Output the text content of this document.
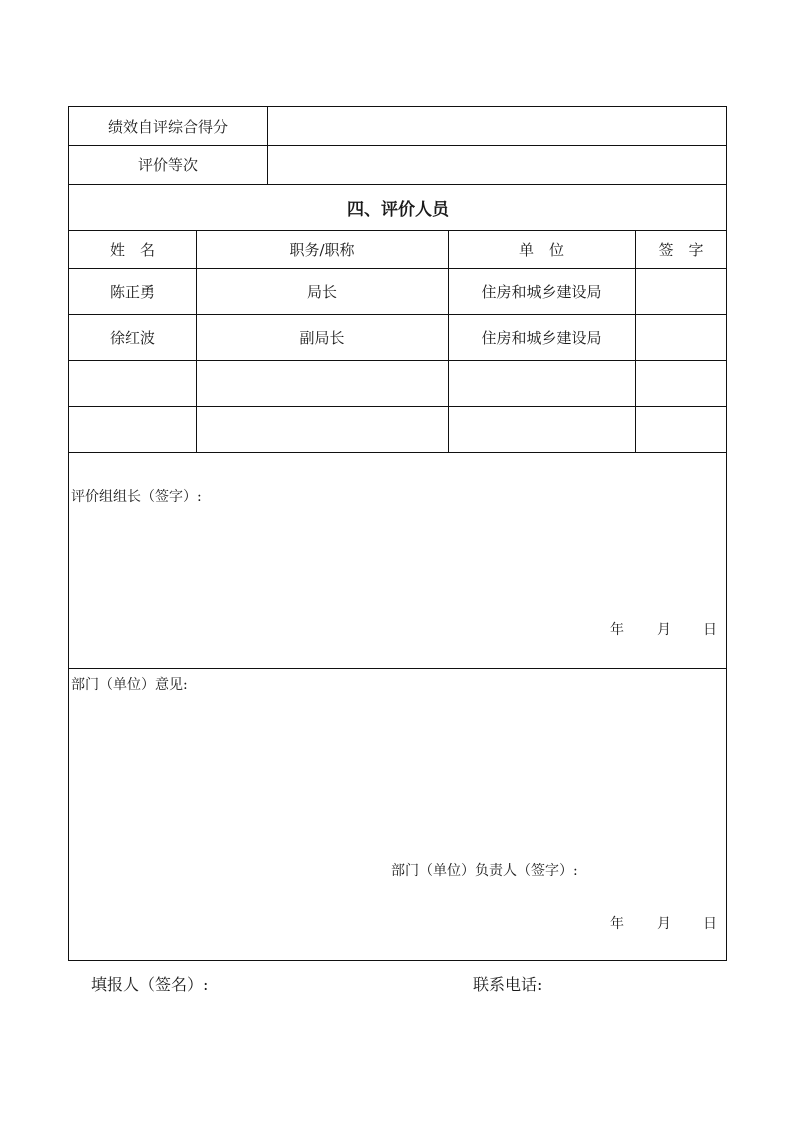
绩效自评综合得分
评价等次
四、评价人员
姓　名	职务/职称	单　位	签　字
陈正勇	局长	住房和城乡建设局
徐红波	副局长	住房和城乡建设局
评价组组长（签字）:
年 月 日
部门（单位）意见:
部门（单位）负责人（签字）:
年 月 日
填报人（签名）:	联系电话:
